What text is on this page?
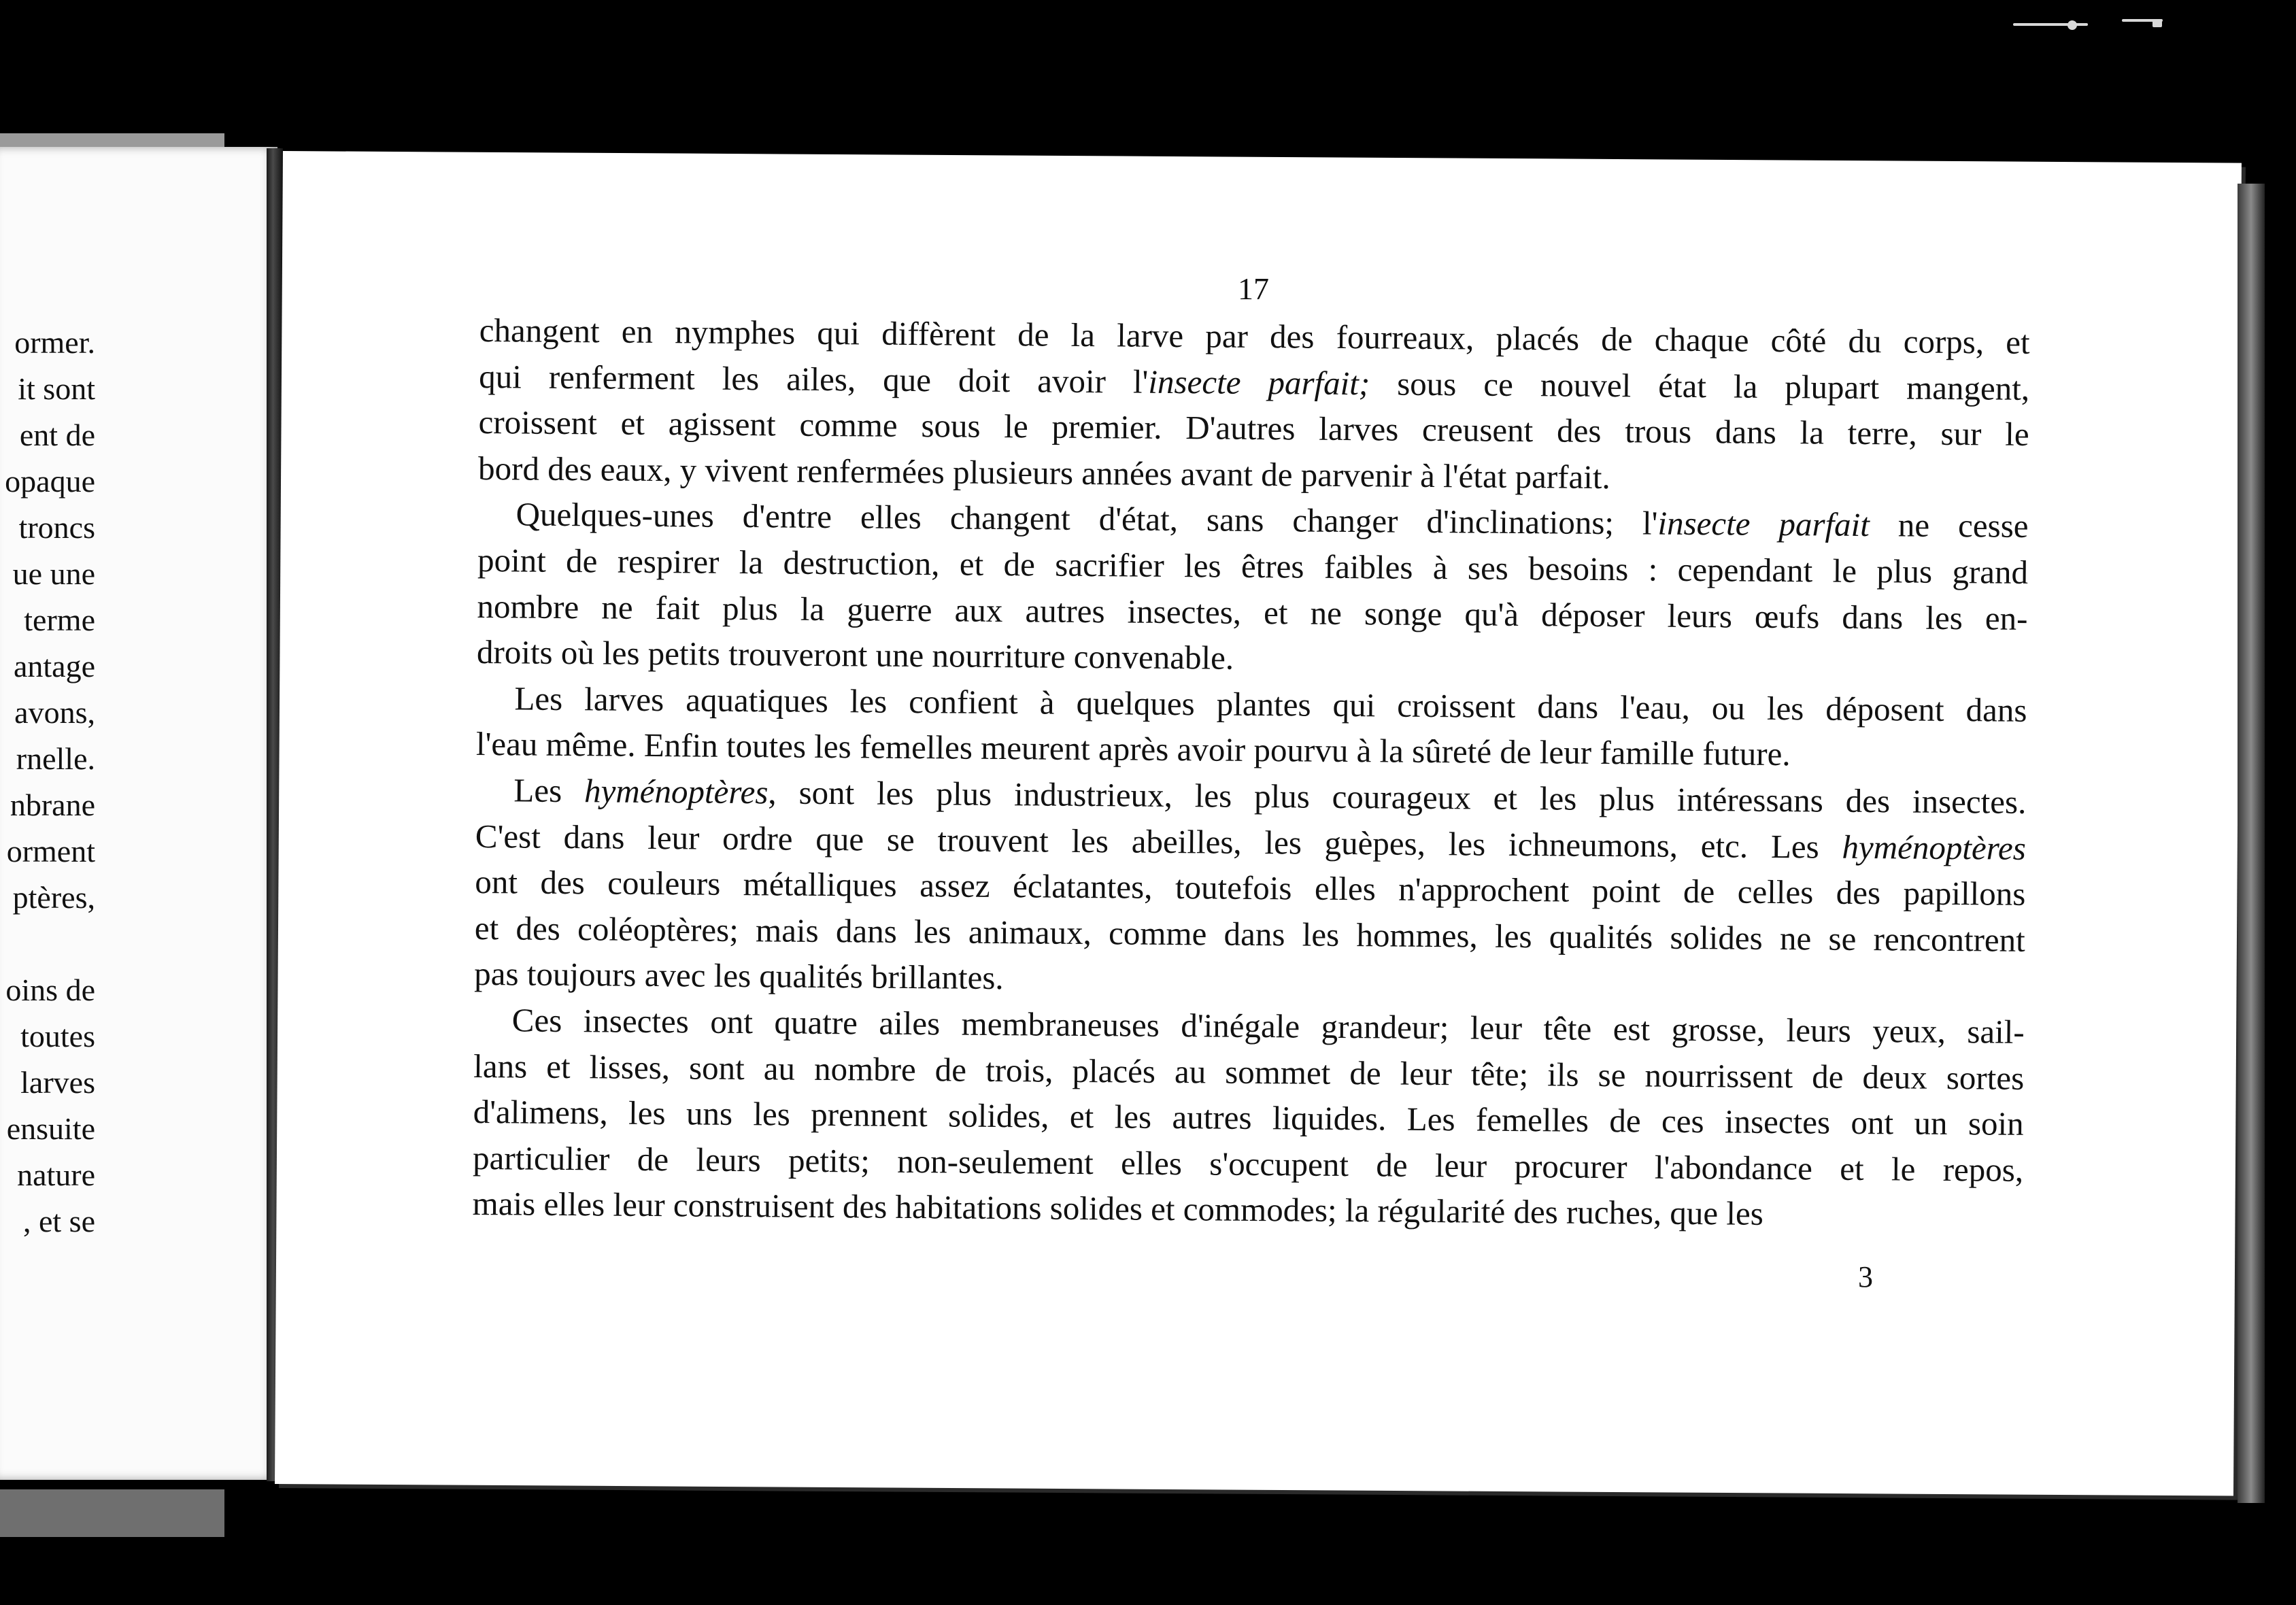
ormer.
it sont
ent de
opaque
troncs
ue une
terme
antage
avons,
rnelle.
nbrane
orment
ptères,
oins de
toutes
larves
ensuite
nature
, et se
17
changent en nymphes qui diffèrent de la larve par des fourreaux, placés de chaque côté du corps, et
qui renferment les ailes, que doit avoir l'insecte parfait; sous ce nouvel état la plupart mangent,
croissent et agissent comme sous le premier. D'autres larves creusent des trous dans la terre, sur le
bord des eaux, y vivent renfermées plusieurs années avant de parvenir à l'état parfait.
Quelques-unes d'entre elles changent d'état, sans changer d'inclinations; l'insecte parfait ne cesse
point de respirer la destruction, et de sacrifier les êtres faibles à ses besoins : cependant le plus grand
nombre ne fait plus la guerre aux autres insectes, et ne songe qu'à déposer leurs œufs dans les en-
droits où les petits trouveront une nourriture convenable.
Les larves aquatiques les confient à quelques plantes qui croissent dans l'eau, ou les déposent dans
l'eau même. Enfin toutes les femelles meurent après avoir pourvu à la sûreté de leur famille future.
Les hyménoptères, sont les plus industrieux, les plus courageux et les plus intéressans des insectes.
C'est dans leur ordre que se trouvent les abeilles, les guèpes, les ichneumons, etc. Les hyménoptères
ont des couleurs métalliques assez éclatantes, toutefois elles n'approchent point de celles des papillons
et des coléoptères; mais dans les animaux, comme dans les hommes, les qualités solides ne se rencontrent
pas toujours avec les qualités brillantes.
Ces insectes ont quatre ailes membraneuses d'inégale grandeur; leur tête est grosse, leurs yeux, sail-
lans et lisses, sont au nombre de trois, placés au sommet de leur tête; ils se nourrissent de deux sortes
d'alimens, les uns les prennent solides, et les autres liquides. Les femelles de ces insectes ont un soin
particulier de leurs petits; non-seulement elles s'occupent de leur procurer l'abondance et le repos,
mais elles leur construisent des habitations solides et commodes; la régularité des ruches, que les
3
